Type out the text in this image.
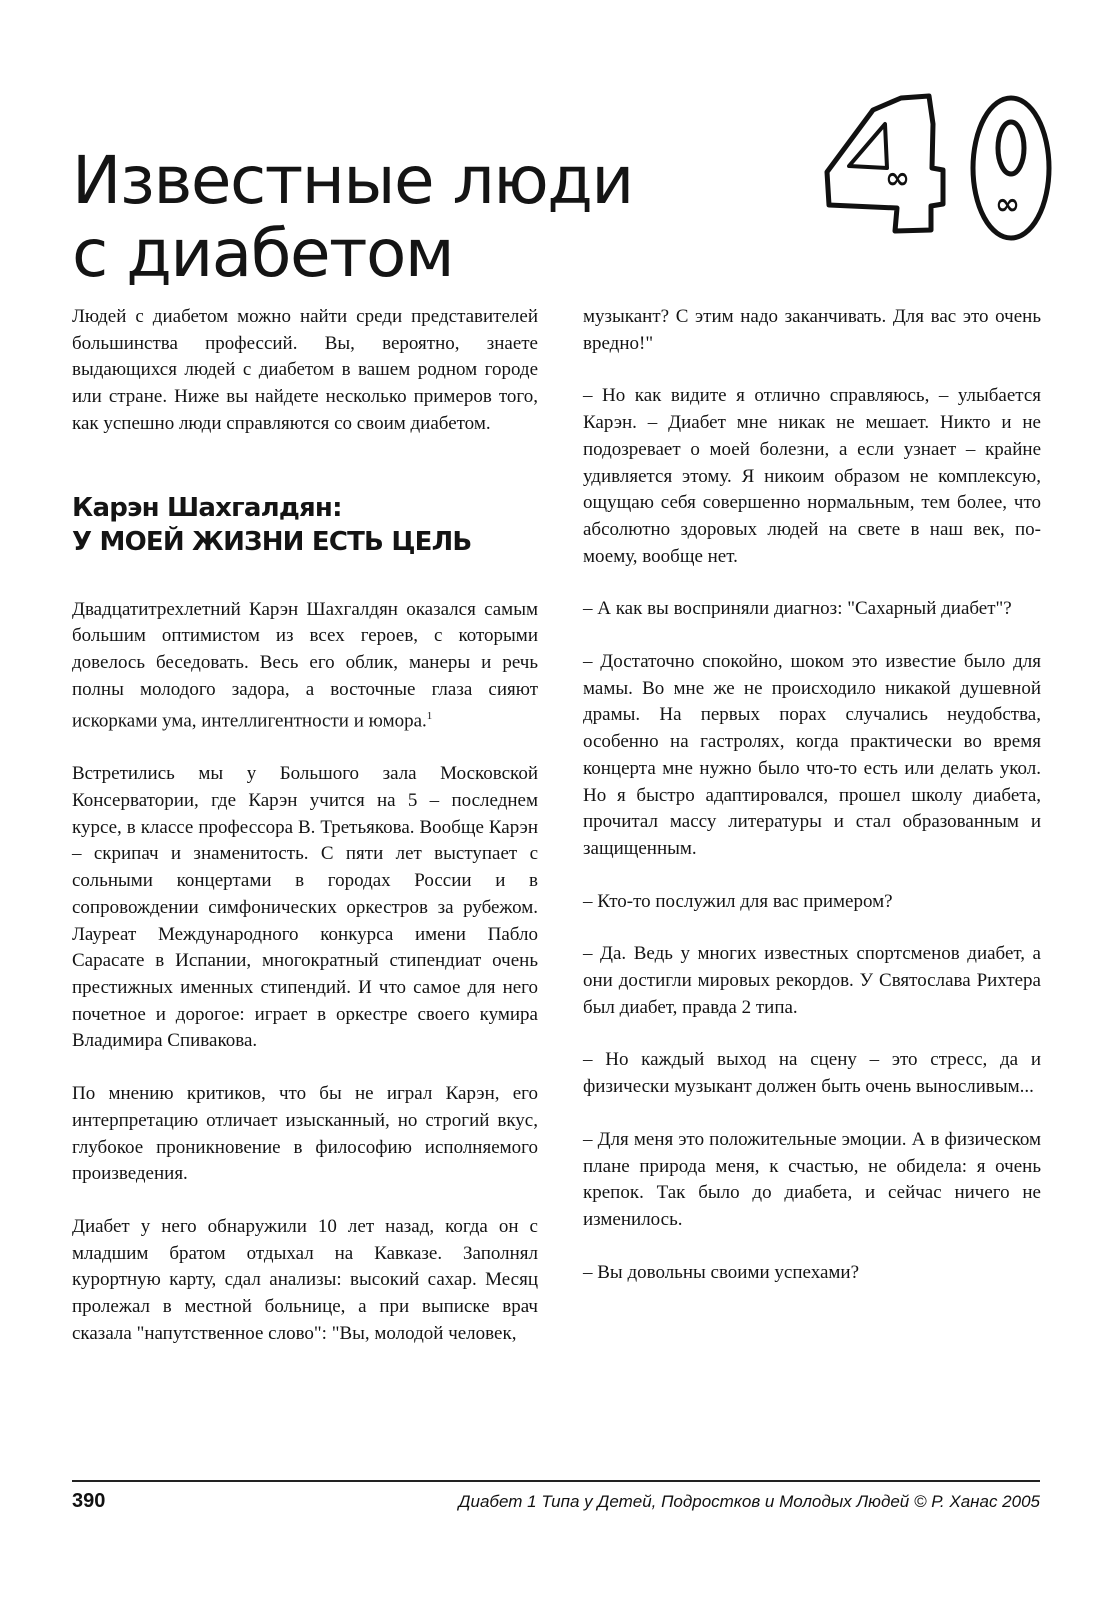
Известные люди
с диабетом
∞
∞

Людей с диабетом можно найти среди представителей большинства профессий. Вы, вероятно, знаете выдающихся людей с диабетом в вашем родном городе или стране. Ниже вы найдете несколько примеров того, как успешно люди справляются со своим диабетом.

Карэн Шахгалдян:
У МОЕЙ ЖИЗНИ ЕСТЬ ЦЕЛЬ

Двадцатитрехлетний Карэн Шахгалдян оказался самым большим оптимистом из всех героев, с которыми довелось беседовать. Весь его облик, манеры и речь полны молодого задора, а восточные глаза сияют искорками ума, интеллигентности и юмора.$^1$

Встретились мы у Большого зала Московской Консерватории, где Карэн учится на 5 – последнем курсе, в классе профессора В. Третьякова. Вообще Карэн – скрипач и знаменитость. С пяти лет выступает с сольными концертами в городах России и в сопровождении симфонических оркестров за рубежом. Лауреат Международного конкурса имени Пабло Сарасате в Испании, многократный стипендиат очень престижных именных стипендий. И что самое для него почетное и дорогое: играет в оркестре своего кумира Владимира Спивакова.

По мнению критиков, что бы не играл Карэн, его интерпретацию отличает изысканный, но строгий вкус, глубокое проникновение в философию исполняемого произведения.

Диабет у него обнаружили 10 лет назад, когда он с младшим братом отдыхал на Кавказе. Заполнял курортную карту, сдал анализы: высокий сахар. Месяц пролежал в местной больнице, а при выписке врач сказала "напутственное слово": "Вы, молодой человек,

музыкант? С этим надо заканчивать. Для вас это очень вредно!"

– Но как видите я отлично справляюсь, – улыбается Карэн. – Диабет мне никак не мешает. Никто и не подозревает о моей болезни, а если узнает – крайне удивляется этому. Я никоим образом не комплексую, ощущаю себя совершенно нормальным, тем более, что абсолютно здоровых людей на свете в наш век, по-моему, вообще нет.

– А как вы восприняли диагноз: "Сахарный диабет"?

– Достаточно спокойно, шоком это известие было для мамы. Во мне же не происходило никакой душевной драмы. На первых порах случались неудобства, особенно на гастролях, когда практически во время концерта мне нужно было что-то есть или делать укол. Но я быстро адаптировался, прошел школу диабета, прочитал массу литературы и стал образованным и защищенным.

– Кто-то послужил для вас примером?

– Да. Ведь у многих известных спортсменов диабет, а они достигли мировых рекордов. У Святослава Рихтера был диабет, правда 2 типа.

– Но каждый выход на сцену – это стресс, да и физически музыкант должен быть очень выносливым...

– Для меня это положительные эмоции. А в физическом плане природа меня, к счастью, не обидела: я очень крепок. Так было до диабета, и сейчас ничего не изменилось.

– Вы довольны своими успехами?

390	Диабет 1 Типа у Детей, Подростков и Молодых Людей © Р. Ханас 2005
